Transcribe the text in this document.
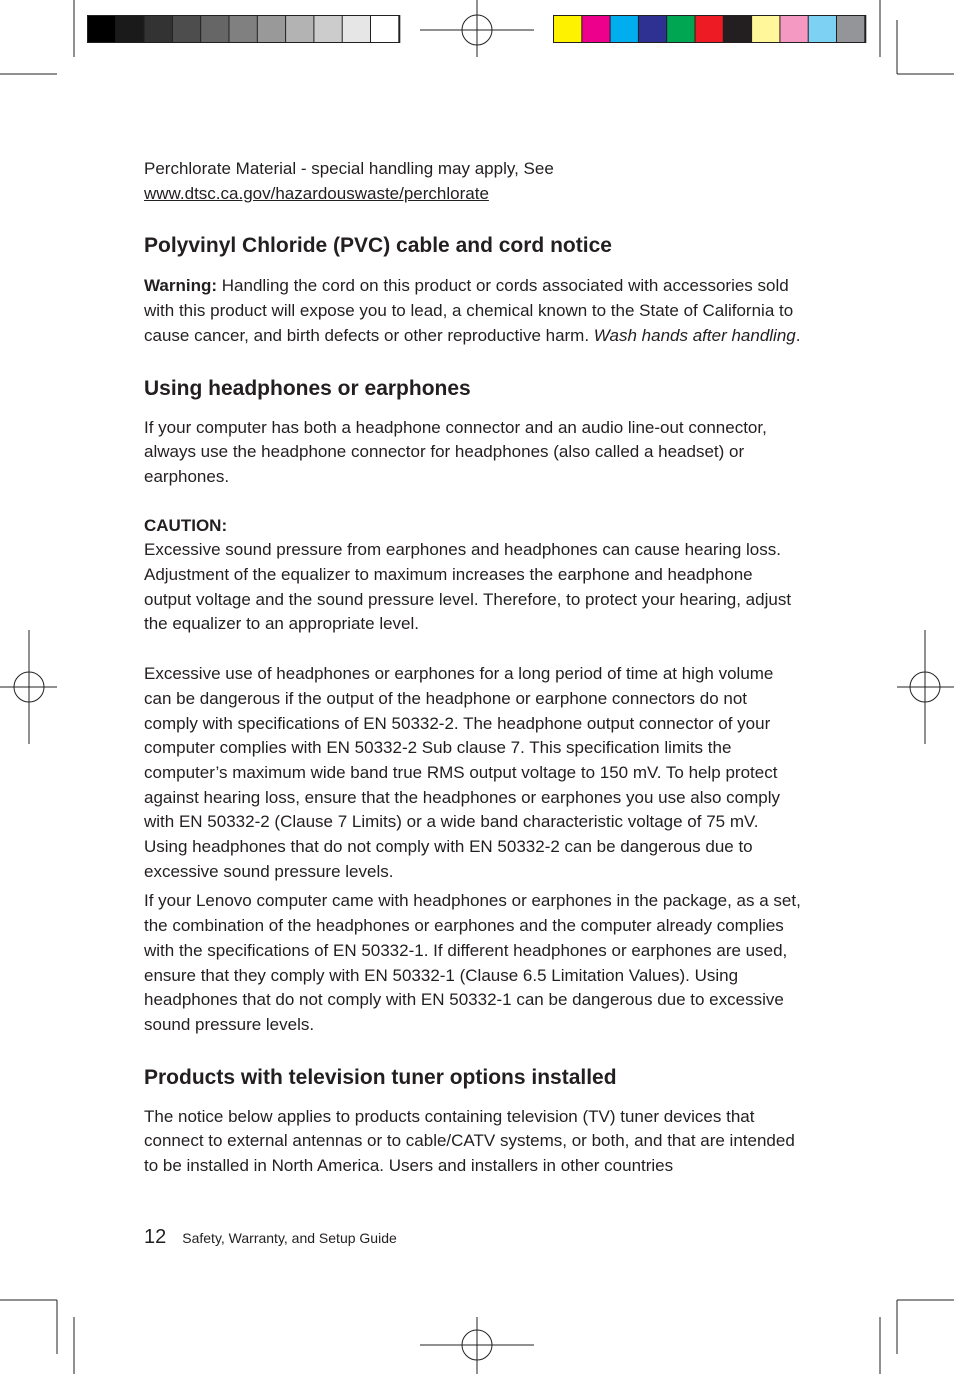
Perchlorate Material - special handling may apply, See
www.dtsc.ca.gov/hazardouswaste/perchlorate

Polyvinyl Chloride (PVC) cable and cord notice

Warning: Handling the cord on this product or cords associated with accessories sold with this product will expose you to lead, a chemical known to the State of California to cause cancer, and birth defects or other reproductive harm. Wash hands after handling.

Using headphones or earphones

If your computer has both a headphone connector and an audio line-out connector, always use the headphone connector for headphones (also called a headset) or earphones.

CAUTION:

Excessive sound pressure from earphones and headphones can cause hearing loss. Adjustment of the equalizer to maximum increases the earphone and headphone output voltage and the sound pressure level. Therefore, to protect your hearing, adjust the equalizer to an appropriate level.

Excessive use of headphones or earphones for a long period of time at high volume can be dangerous if the output of the headphone or earphone connectors do not comply with specifications of EN 50332-2. The headphone output connector of your computer complies with EN 50332-2 Sub clause 7. This specification limits the computer’s maximum wide band true RMS output voltage to 150 mV. To help protect against hearing loss, ensure that the headphones or earphones you use also comply with EN 50332-2 (Clause 7 Limits) or a wide band characteristic voltage of 75 mV. Using headphones that do not comply with EN 50332-2 can be dangerous due to excessive sound pressure levels.

If your Lenovo computer came with headphones or earphones in the package, as a set, the combination of the headphones or earphones and the computer already complies with the specifications of EN 50332-1. If different headphones or earphones are used, ensure that they comply with EN 50332-1 (Clause 6.5 Limitation Values). Using headphones that do not comply with EN 50332-1 can be dangerous due to excessive sound pressure levels.

Products with television tuner options installed

The notice below applies to products containing television (TV) tuner devices that connect to external antennas or to cable/CATV systems, or both, and that are intended to be installed in North America. Users and installers in other countries

12 Safety, Warranty, and Setup Guide
